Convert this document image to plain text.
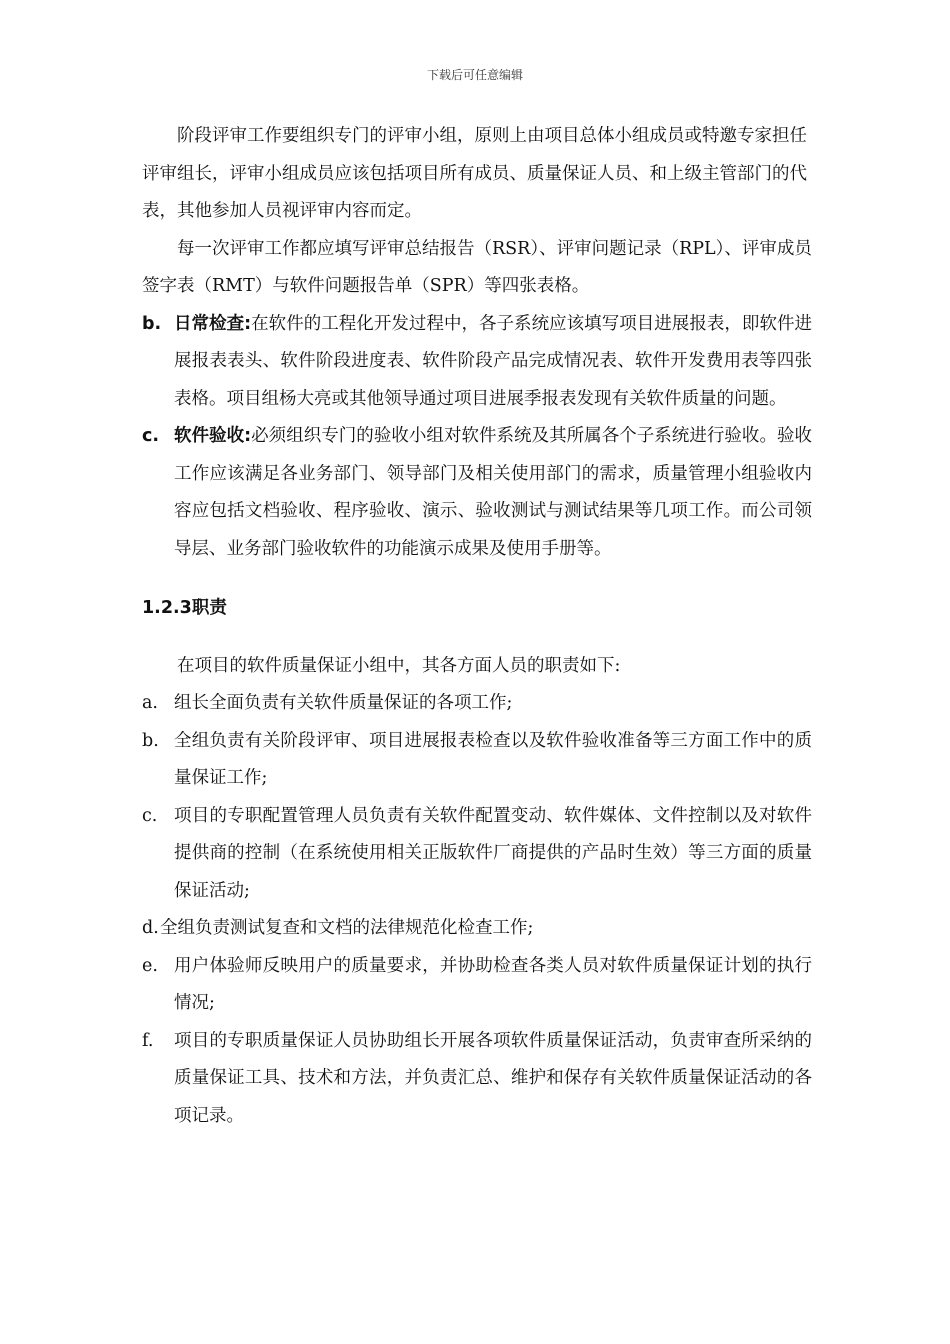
下载后可任意编辑

阶段评审工作要组织专门的评审小组，原则上由项目总体小组成员或特邀专家担任评审组长，评审小组成员应该包括项目所有成员、质量保证人员、和上级主管部门的代表，其他参加人员视评审内容而定。

每一次评审工作都应填写评审总结报告（RSR）、评审问题记录（RPL）、评审成员签字表（RMT）与软件问题报告单（SPR）等四张表格。

b. 日常检查:在软件的工程化开发过程中，各子系统应该填写项目进展报表，即软件进展报表表头、软件阶段进度表、软件阶段产品完成情况表、软件开发费用表等四张表格。项目组杨大亮或其他领导通过项目进展季报表发现有关软件质量的问题。
c. 软件验收:必须组织专门的验收小组对软件系统及其所属各个子系统进行验收。验收工作应该满足各业务部门、领导部门及相关使用部门的需求，质量管理小组验收内容应包括文档验收、程序验收、演示、验收测试与测试结果等几项工作。而公司领导层、业务部门验收软件的功能演示成果及使用手册等。
1.2.3职责

在项目的软件质量保证小组中，其各方面人员的职责如下:

a. 组长全面负责有关软件质量保证的各项工作;
b. 全组负责有关阶段评审、项目进展报表检查以及软件验收准备等三方面工作中的质量保证工作;
c. 项目的专职配置管理人员负责有关软件配置变动、软件媒体、文件控制以及对软件提供商的控制（在系统使用相关正版软件厂商提供的产品时生效）等三方面的质量保证活动;
d. 全组负责测试复查和文档的法律规范化检查工作;
e. 用户体验师反映用户的质量要求，并协助检查各类人员对软件质量保证计划的执行情况;
f.	项目的专职质量保证人员协助组长开展各项软件质量保证活动，负责审查所采纳的质量保证工具、技术和方法，并负责汇总、维护和保存有关软件质量保证活动的各项记录。
